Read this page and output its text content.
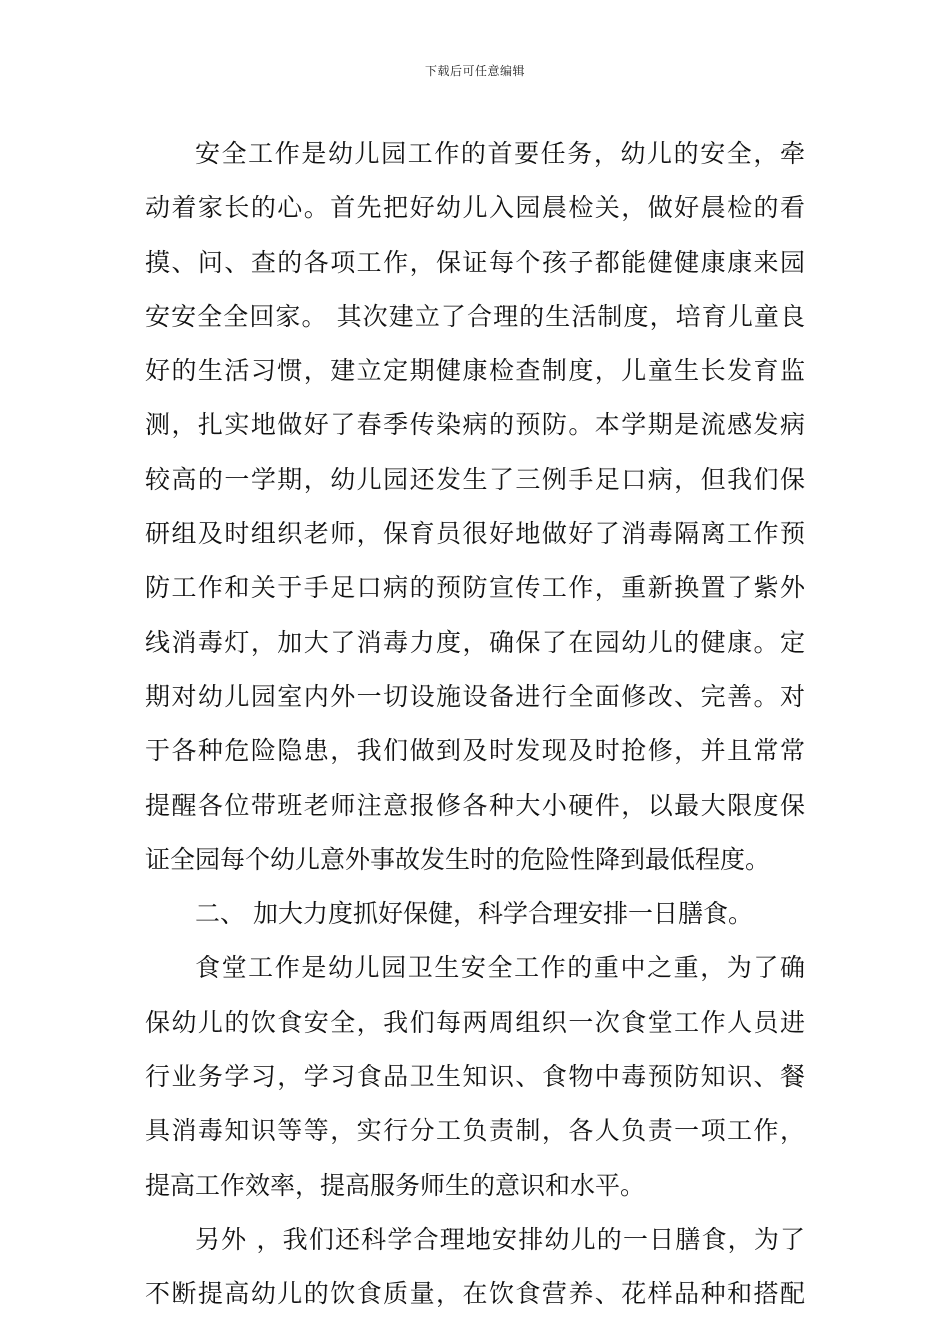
下载后可任意编辑
安全工作是幼儿园工作的首要任务，幼儿的安全，牵
动着家长的心。首先把好幼儿入园晨检关，做好晨检的看
摸、问、查的各项工作，保证每个孩子都能健健康康来园
安安全全回家。 其次建立了合理的生活制度，培育儿童良
好的生活习惯，建立定期健康检查制度，儿童生长发育监
测，扎实地做好了春季传染病的预防。本学期是流感发病
较高的一学期，幼儿园还发生了三例手足口病，但我们保
研组及时组织老师，保育员很好地做好了消毒隔离工作预
防工作和关于手足口病的预防宣传工作，重新换置了紫外
线消毒灯，加大了消毒力度，确保了在园幼儿的健康。定
期对幼儿园室内外一切设施设备进行全面修改、完善。对
于各种危险隐患，我们做到及时发现及时抢修，并且常常
提醒各位带班老师注意报修各种大小硬件，以最大限度保
证全园每个幼儿意外事故发生时的危险性降到最低程度。
二、 加大力度抓好保健，科学合理安排一日膳食。
食堂工作是幼儿园卫生安全工作的重中之重，为了确
保幼儿的饮食安全，我们每两周组织一次食堂工作人员进
行业务学习，学习食品卫生知识、食物中毒预防知识、餐
具消毒知识等等，实行分工负责制，各人负责一项工作，
提高工作效率，提高服务师生的意识和水平。
另外 ，我们还科学合理地安排幼儿的一日膳食，为了
不断提高幼儿的饮食质量，在饮食营养、花样品种和搭配
